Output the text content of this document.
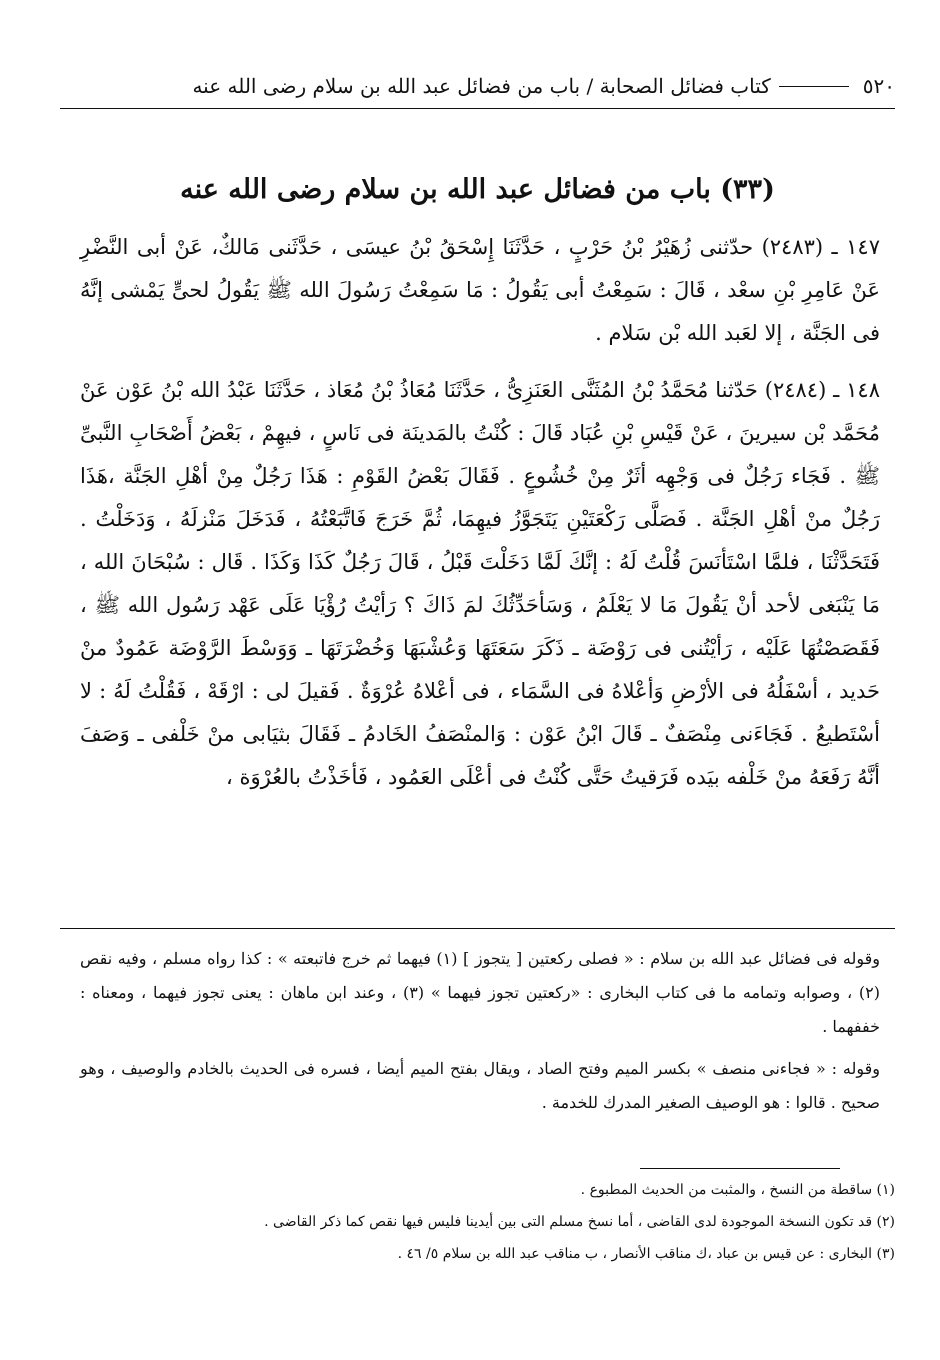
٥٢٠
كتاب فضائل الصحابة / باب من فضائل عبد الله بن سلام رضى الله عنه
(٣٣) باب من فضائل عبد الله بن سلام رضى الله عنه

١٤٧ ـ (٢٤٨٣) حدّثنى زُهَيْرُ بْنُ حَرْبٍ ، حَدَّثَنَا إِسْحَقُ بْنُ عيسَى ، حَدَّثَنى مَالكٌ، عَنْ أبى النَّضْرِ عَنْ عَامِرِ بْنِ سعْد ، قَالَ : سَمِعْتُ أبى يَقُولُ : مَا سَمِعْتُ رَسُولَ الله ﷺ يَقُولُ لحىٍّ يَمْشى إنَّهُ فى الجَنَّة ، إلا لعَبد الله بْن سَلام .

١٤٨ ـ (٢٤٨٤) حَدّثنا مُحَمَّدُ بْنُ المُثَنَّى العَنَزِىُّ ، حَدَّثَنَا مُعَاذُ بْنُ مُعَاذ ، حَدَّثَنَا عَبْدُ الله بْنُ عَوْن عَنْ مُحَمَّد بْن سيرينَ ، عَنْ قَيْسِ بْنِ عُبَاد قَالَ : كُنْتُ بالمَدينَة فى نَاسٍ ، فيهِمْ ، بَعْضُ أَصْحَابِ النَّبىِّ ﷺ . فَجَاء رَجُلٌ فى وَجْهِه أثَرٌ مِنْ خُشُوعٍ . فَقَالَ بَعْضُ القَوْمِ : هَذَا رَجُلٌ مِنْ أهْلِ الجَنَّة ،هَذَا رَجُلٌ منْ أهْلِ الجَنَّة . فَصَلَّى رَكْعَتَيْنِ يَتَجَوَّزُ فيهِمَا، ثُمَّ خَرَجَ فَاتَّبَعْتُهُ ، فَدَخَلَ مَنْزلَهُ ، وَدَخَلْتُ . فَتَحَدَّثْنَا ، فلمَّا اسْتَأنَسَ قُلْتُ لَهُ : إنَّكَ لَمَّا دَخَلْتَ قَبْلُ ، قَالَ رَجُلٌ كَذَا وَكَذَا . قَال : سُبْحَانَ الله ، مَا يَنْبَغى لأحد أنْ يَقُولَ مَا لا يَعْلَمُ ، وَسَأحَدِّثُكَ لمَ ذَاكَ ؟ رَأيْتُ رُؤْيَا عَلَى عَهْد رَسُول الله ﷺ ، فَقَصَصْتُهَا عَلَيْه ، رَأيْتُنى فى رَوْضَة ـ ذَكَرَ سَعَتَهَا وَعُشْبَهَا وَخُضْرَتَهَا ـ وَوَسْطَ الرَّوْضَة عَمُودٌ منْ حَديد ، أسْفَلُهُ فى الأرْضِ وَأعْلاهُ فى السَّمَاء ، فى أعْلاهُ عُرْوَةٌ . فَقيلَ لى : ارْقَهْ ، فَقُلْتُ لَهُ : لا أسْتَطيعُ . فَجَاءَنى مِنْصَفٌ ـ قَالَ ابْنُ عَوْن : وَالمنْصَفُ الخَادمُ ـ فَقَالَ بثيَابى منْ خَلْفى ـ وَصَفَ أنَّهُ رَفَعَهُ منْ خَلْفه بيَده فَرَقيتُ حَتَّى كُنْتُ فى أعْلَى العَمُود ، فَأخَذْتُ بالعُرْوَة ،

وقوله فى فضائل عبد الله بن سلام : « فصلى ركعتين [ يتجوز ] (١) فيهما ثم خرج فاتبعته » : كذا رواه مسلم ، وفيه نقص (٢) ، وصوابه وتمامه ما فى كتاب البخارى : «ركعتين تجوز فيهما » (٣) ، وعند ابن ماهان : يعنى تجوز فيهما ، ومعناه : خففهما .

وقوله : « فجاءنى منصف » بكسر الميم وفتح الصاد ، ويقال بفتح الميم أيضا ، فسره فى الحديث بالخادم والوصيف ، وهو صحيح . قالوا : هو الوصيف الصغير المدرك للخدمة .

(١) ساقطة من النسخ ، والمثبت من الحديث المطبوع .
(٢) قد تكون النسخة الموجودة لدى القاضى ، أما نسخ مسلم التى بين أيدينا فليس فيها نقص كما ذكر القاضى .
(٣) البخارى : عن قيس بن عباد ،ك مناقب الأنصار ، ب مناقب عبد الله بن سلام ٥/ ٤٦ .
